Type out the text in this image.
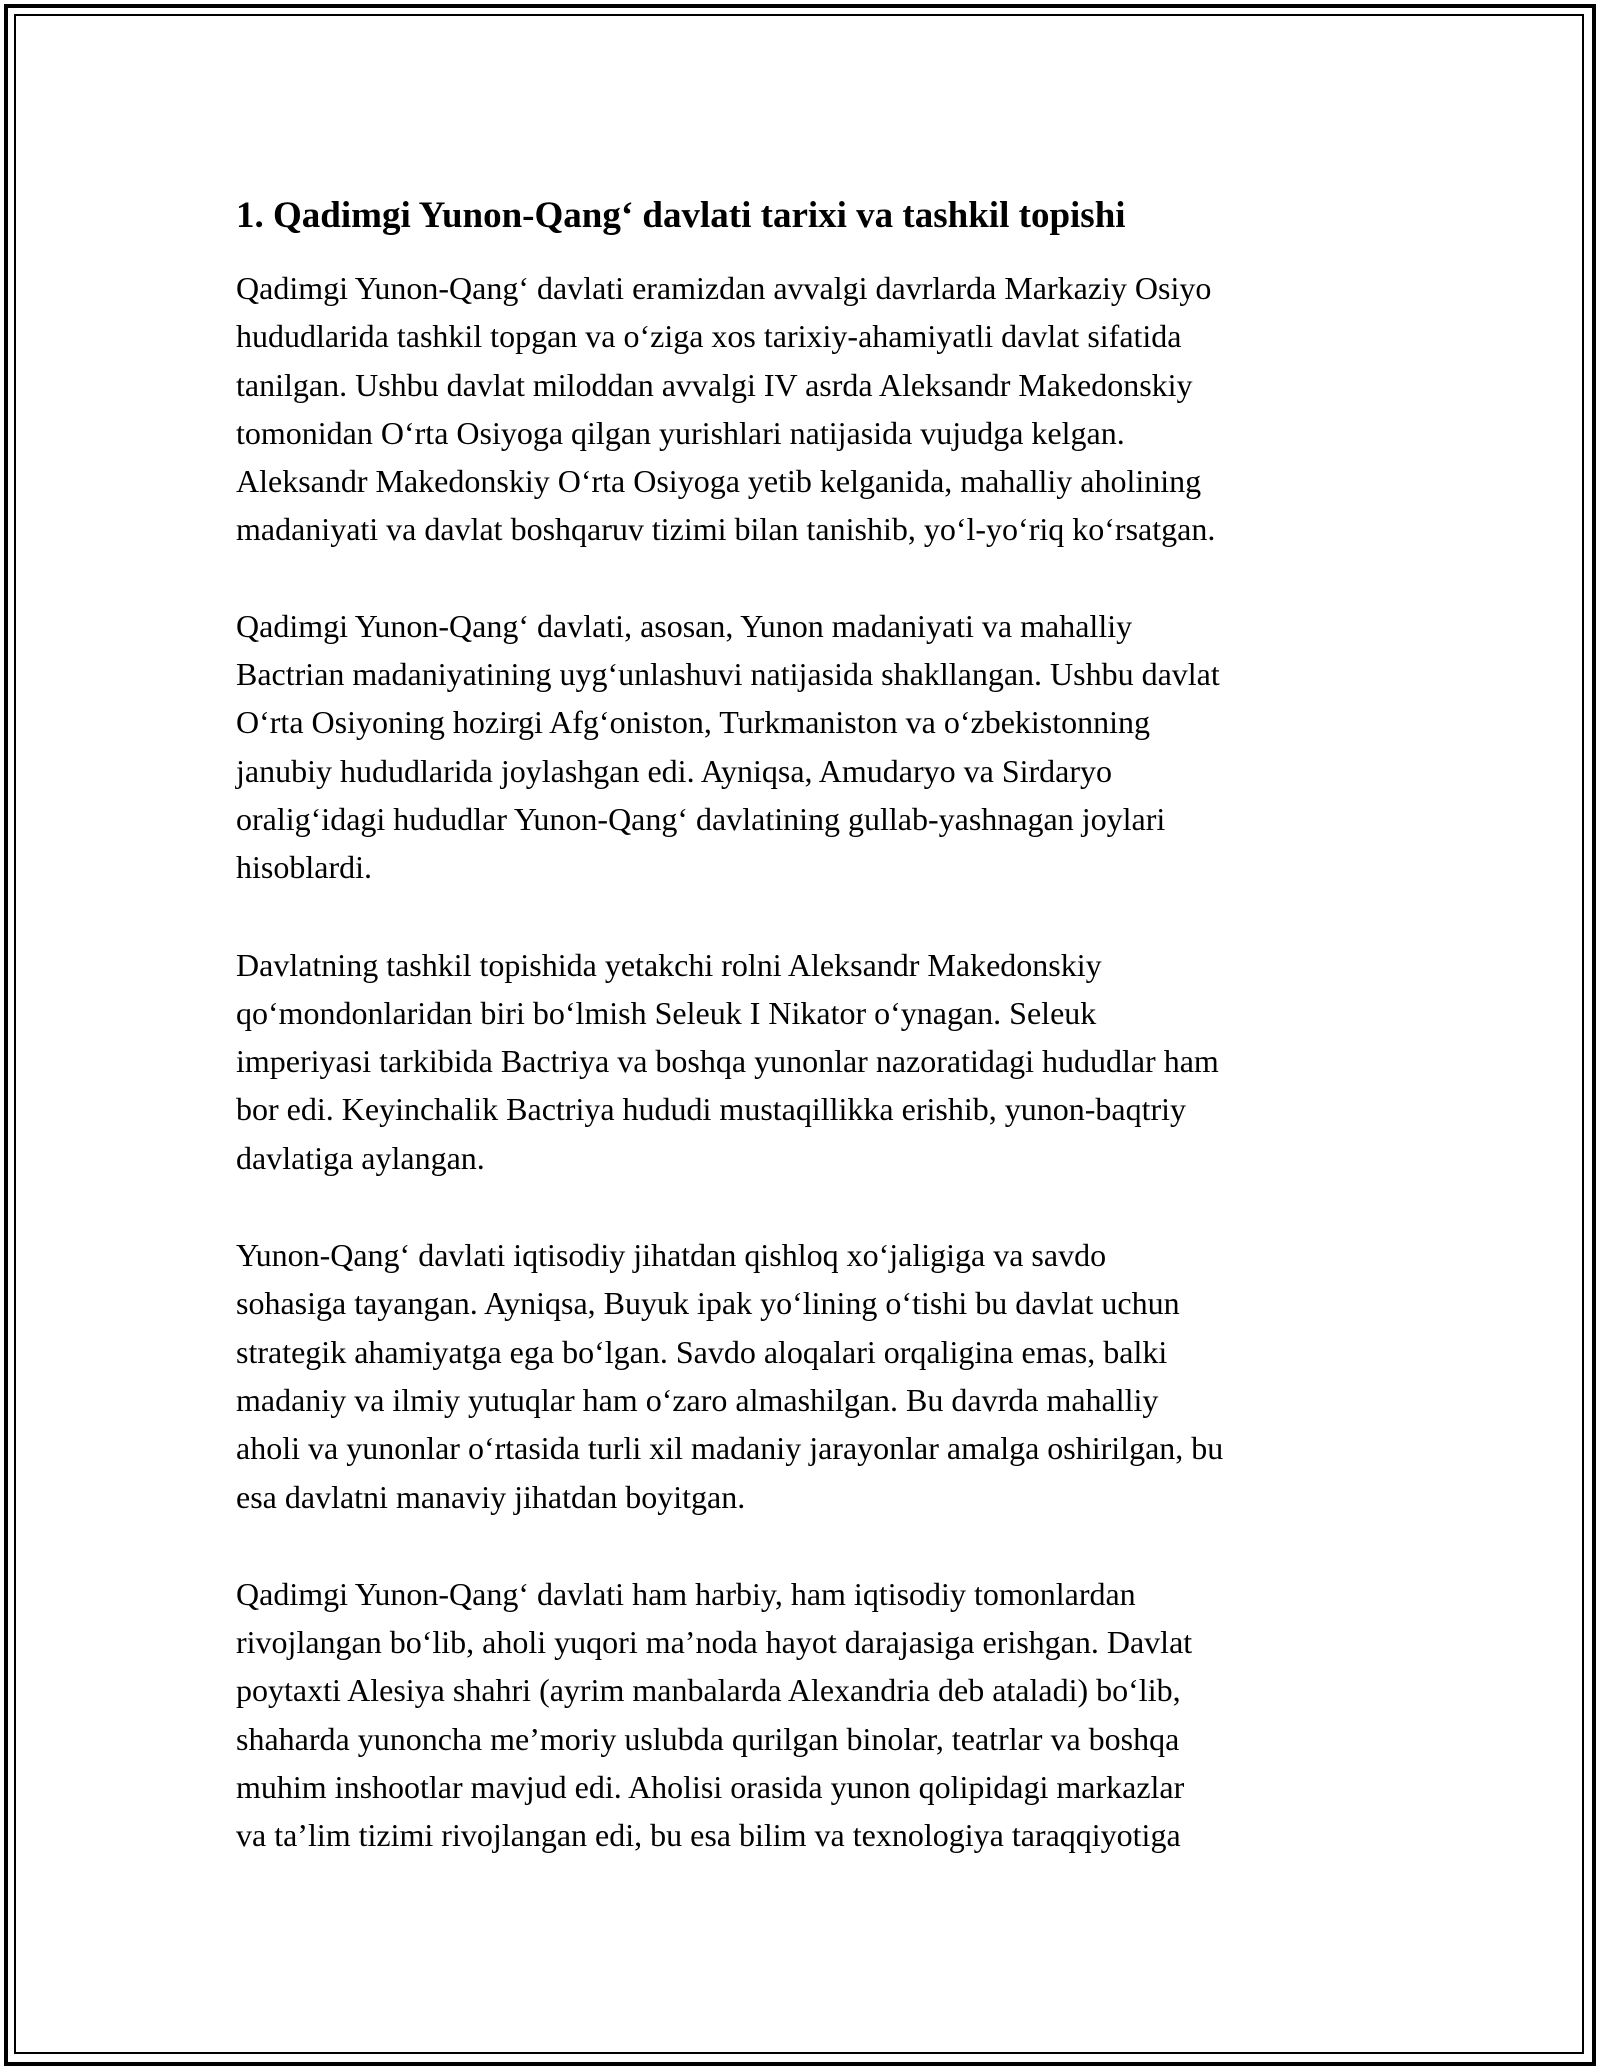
1. Qadimgi Yunon-Qang‘ davlati tarixi va tashkil topishi

Qadimgi Yunon-Qang‘ davlati eramizdan avvalgi davrlarda Markaziy Osiyo
hududlarida tashkil topgan va o‘ziga xos tarixiy-ahamiyatli davlat sifatida
tanilgan. Ushbu davlat miloddan avvalgi IV asrda Aleksandr Makedonskiy
tomonidan O‘rta Osiyoga qilgan yurishlari natijasida vujudga kelgan.
Aleksandr Makedonskiy O‘rta Osiyoga yetib kelganida, mahalliy aholining
madaniyati va davlat boshqaruv tizimi bilan tanishib, yo‘l-yo‘riq ko‘rsatgan.

Qadimgi Yunon-Qang‘ davlati, asosan, Yunon madaniyati va mahalliy
Bactrian madaniyatining uyg‘unlashuvi natijasida shakllangan. Ushbu davlat
O‘rta Osiyoning hozirgi Afg‘oniston, Turkmaniston va o‘zbekistonning
janubiy hududlarida joylashgan edi. Ayniqsa, Amudaryo va Sirdaryo
oralig‘idagi hududlar Yunon-Qang‘ davlatining gullab-yashnagan joylari
hisoblardi.

Davlatning tashkil topishida yetakchi rolni Aleksandr Makedonskiy
qo‘mondonlaridan biri bo‘lmish Seleuk I Nikator o‘ynagan. Seleuk
imperiyasi tarkibida Bactriya va boshqa yunonlar nazoratidagi hududlar ham
bor edi. Keyinchalik Bactriya hududi mustaqillikka erishib, yunon-baqtriy
davlatiga aylangan.

Yunon-Qang‘ davlati iqtisodiy jihatdan qishloq xo‘jaligiga va savdo
sohasiga tayangan. Ayniqsa, Buyuk ipak yo‘lining o‘tishi bu davlat uchun
strategik ahamiyatga ega bo‘lgan. Savdo aloqalari orqaligina emas, balki
madaniy va ilmiy yutuqlar ham o‘zaro almashilgan. Bu davrda mahalliy
aholi va yunonlar o‘rtasida turli xil madaniy jarayonlar amalga oshirilgan, bu
esa davlatni manaviy jihatdan boyitgan.

Qadimgi Yunon-Qang‘ davlati ham harbiy, ham iqtisodiy tomonlardan
rivojlangan bo‘lib, aholi yuqori ma’noda hayot darajasiga erishgan. Davlat
poytaxti Alesiya shahri (ayrim manbalarda Alexandria deb ataladi) bo‘lib,
shaharda yunoncha me’moriy uslubda qurilgan binolar, teatrlar va boshqa
muhim inshootlar mavjud edi. Aholisi orasida yunon qolipidagi markazlar
va ta’lim tizimi rivojlangan edi, bu esa bilim va texnologiya taraqqiyotiga
